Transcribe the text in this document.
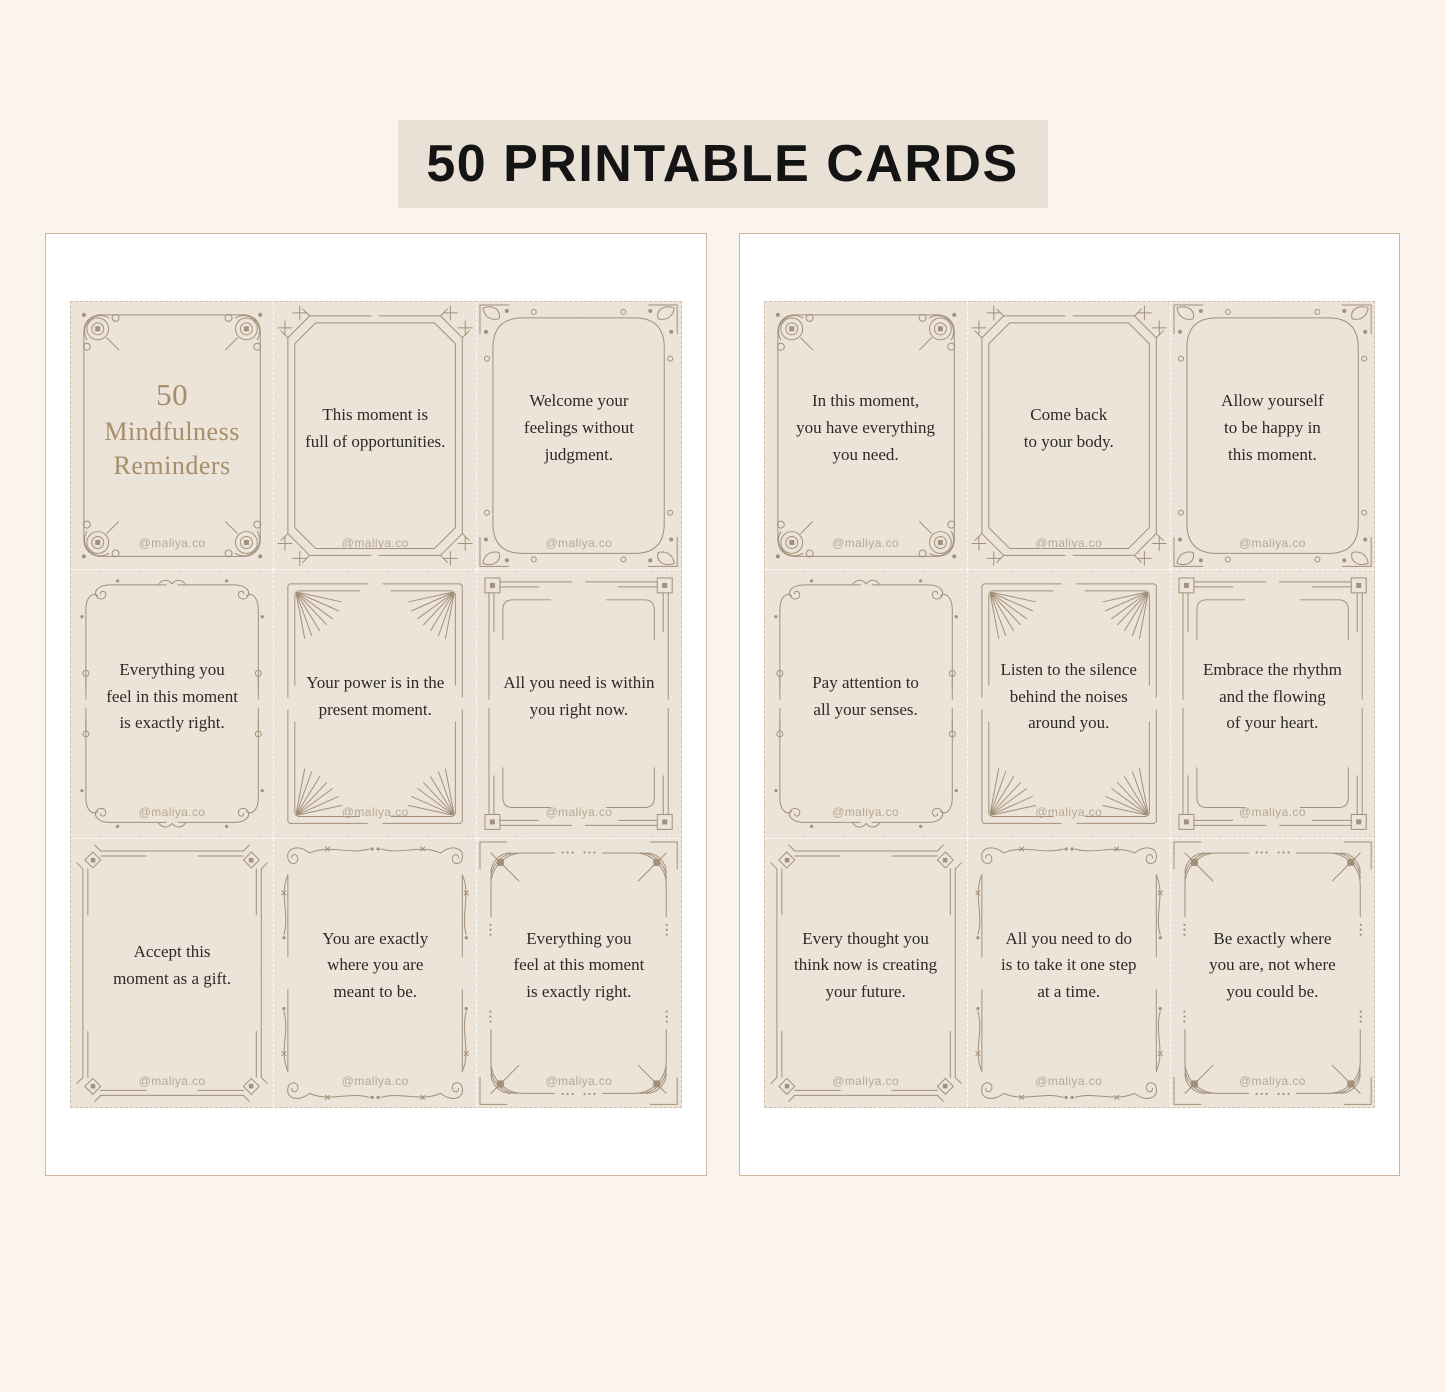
50 PRINTABLE CARDS
50
Mindfulness
Reminders
@maliya.co
This moment is
full of opportunities.
@maliya.co
Welcome your
feelings without
judgment.
@maliya.co
Everything you
feel in this moment
is exactly right.
@maliya.co
Your power is in the
present moment.
@maliya.co
All you need is within
you right now.
@maliya.co
Accept this
moment as a gift.
@maliya.co
You are exactly
where you are
meant to be.
@maliya.co
Everything you
feel at this moment
is exactly right.
@maliya.co
In this moment,
you have everything
you need.
@maliya.co
Come back
to your body.
@maliya.co
Allow yourself
to be happy in
this moment.
@maliya.co
Pay attention to
all your senses.
@maliya.co
Listen to the silence
behind the noises
around you.
@maliya.co
Embrace the rhythm
and the flowing
of your heart.
@maliya.co
Every thought you
think now is creating
your future.
@maliya.co
All you need to do
is to take it one step
at a time.
@maliya.co
Be exactly where
you are, not where
you could be.
@maliya.co
